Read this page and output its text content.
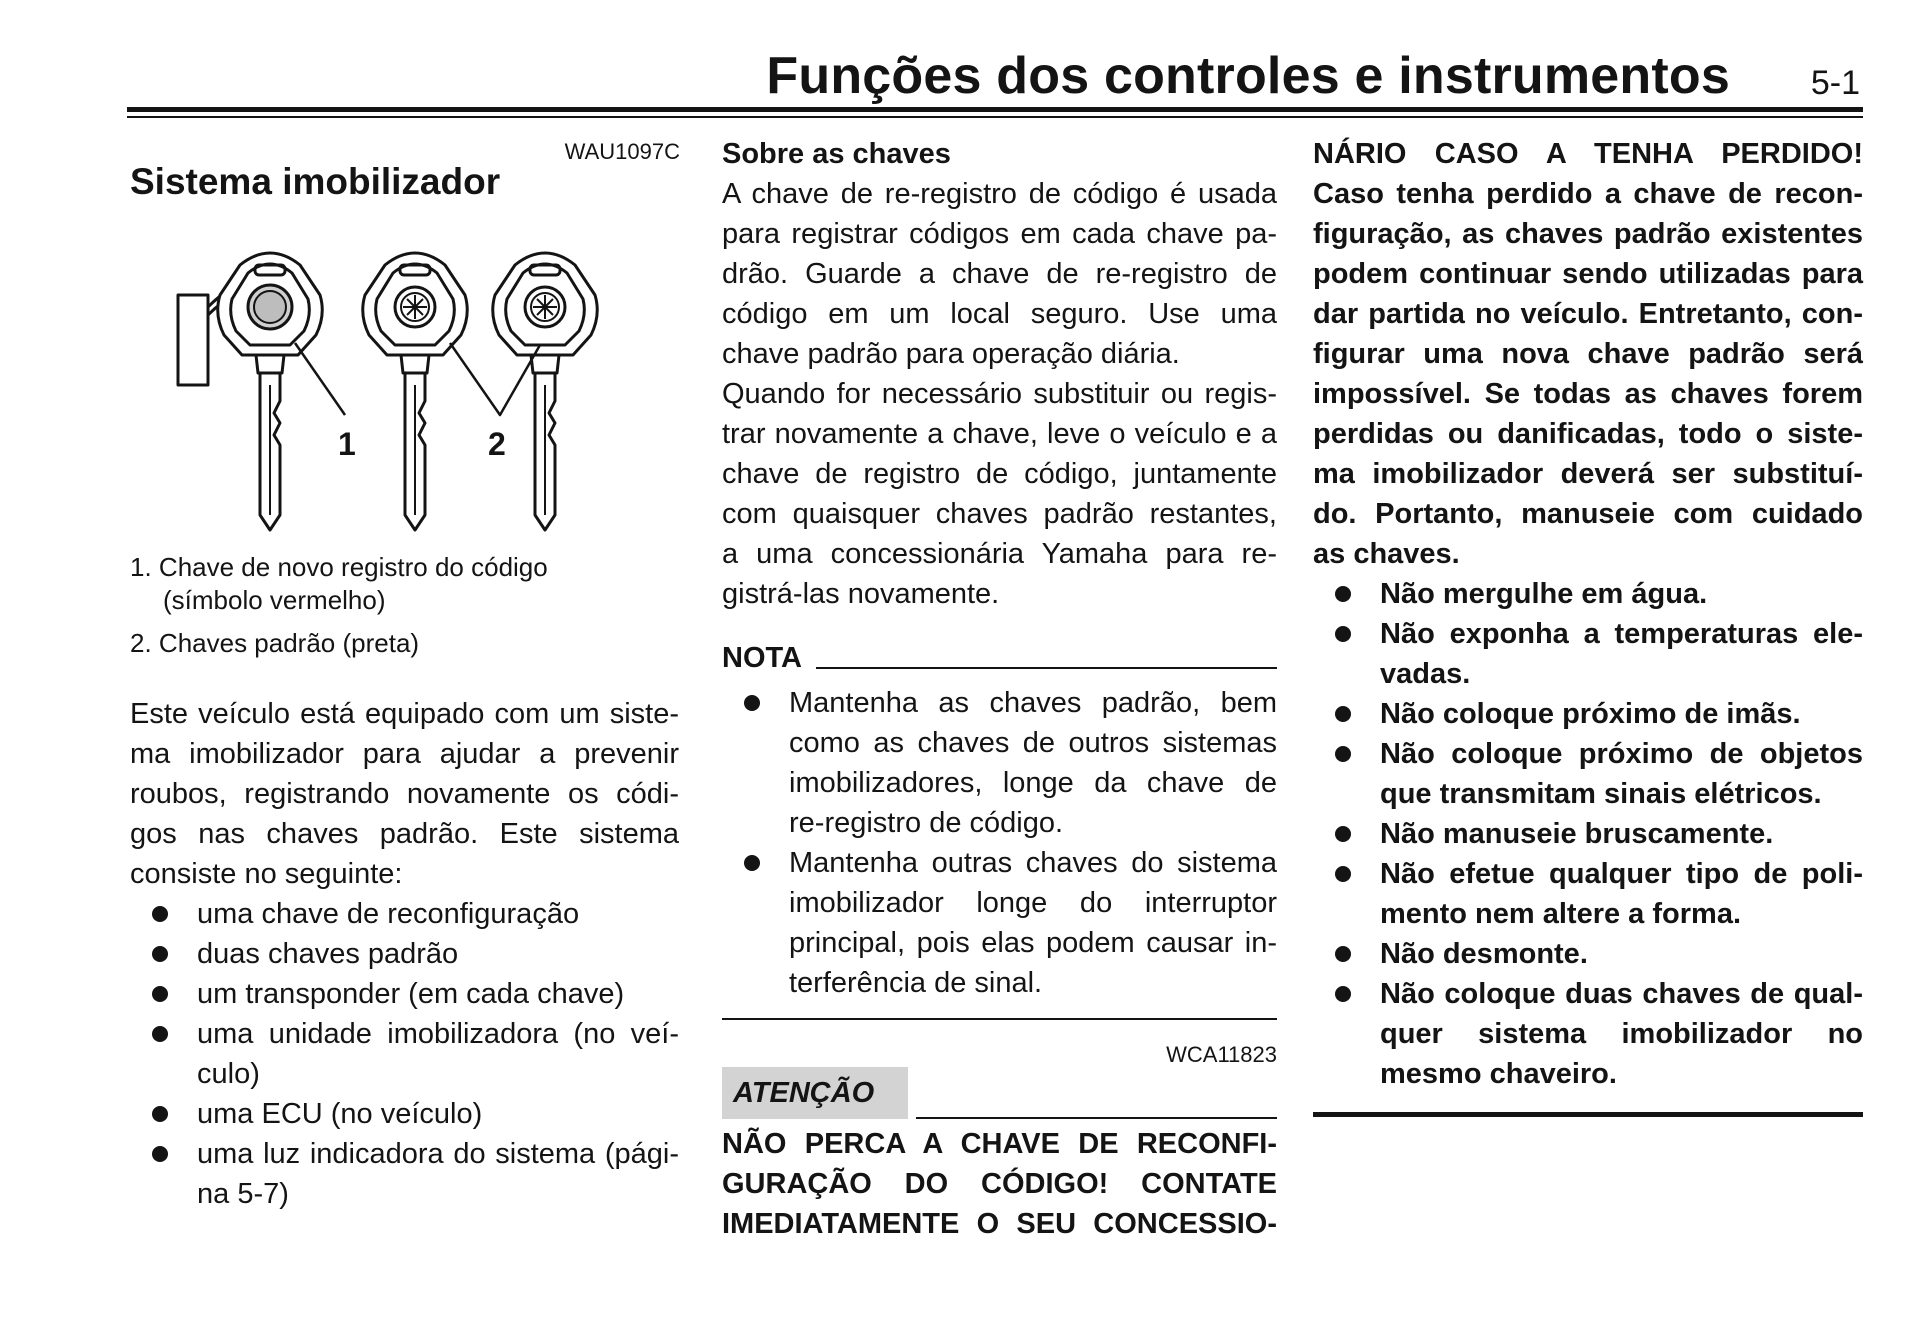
Funções dos controles e instrumentos	5-1
WAU1097C
Sistema imobilizador
1	2
1. Chave de novo registro do código
(símbolo vermelho)
2. Chaves padrão (preta)
Este veículo está equipado com um siste-
ma imobilizador para ajudar a prevenir
roubos, registrando novamente os códi-
gos nas chaves padrão. Este sistema
consiste no seguinte:
uma chave de reconfiguração
duas chaves padrão
um transponder (em cada chave)
uma unidade imobilizadora (no veí-
culo)
uma ECU (no veículo)
uma luz indicadora do sistema (pági-
na 5-7)
Sobre as chaves
A chave de re-registro de código é usada
para registrar códigos em cada chave pa-
drão. Guarde a chave de re-registro de
código em um local seguro. Use uma
chave padrão para operação diária.
Quando for necessário substituir ou regis-
trar novamente a chave, leve o veículo e a
chave de registro de código, juntamente
com quaisquer chaves padrão restantes,
a uma concessionária Yamaha para re-
gistrá-las novamente.
NOTA
Mantenha as chaves padrão, bem
como as chaves de outros sistemas
imobilizadores, longe da chave de
re-registro de código.
Mantenha outras chaves do sistema
imobilizador longe do interruptor
principal, pois elas podem causar in-
terferência de sinal.
WCA11823
ATENÇÃO
NÃO PERCA A CHAVE DE RECONFI-
GURAÇÃO DO CÓDIGO! CONTATE
IMEDIATAMENTE O SEU CONCESSIO-
NÁRIO CASO A TENHA PERDIDO!
Caso tenha perdido a chave de recon-
figuração, as chaves padrão existentes
podem continuar sendo utilizadas para
dar partida no veículo. Entretanto, con-
figurar uma nova chave padrão será
impossível. Se todas as chaves forem
perdidas ou danificadas, todo o siste-
ma imobilizador deverá ser substituí-
do. Portanto, manuseie com cuidado
as chaves.
Não mergulhe em água.
Não exponha a temperaturas ele-
vadas.
Não coloque próximo de imãs.
Não coloque próximo de objetos
que transmitam sinais elétricos.
Não manuseie bruscamente.
Não efetue qualquer tipo de poli-
mento nem altere a forma.
Não desmonte.
Não coloque duas chaves de qual-
quer sistema imobilizador no
mesmo chaveiro.
